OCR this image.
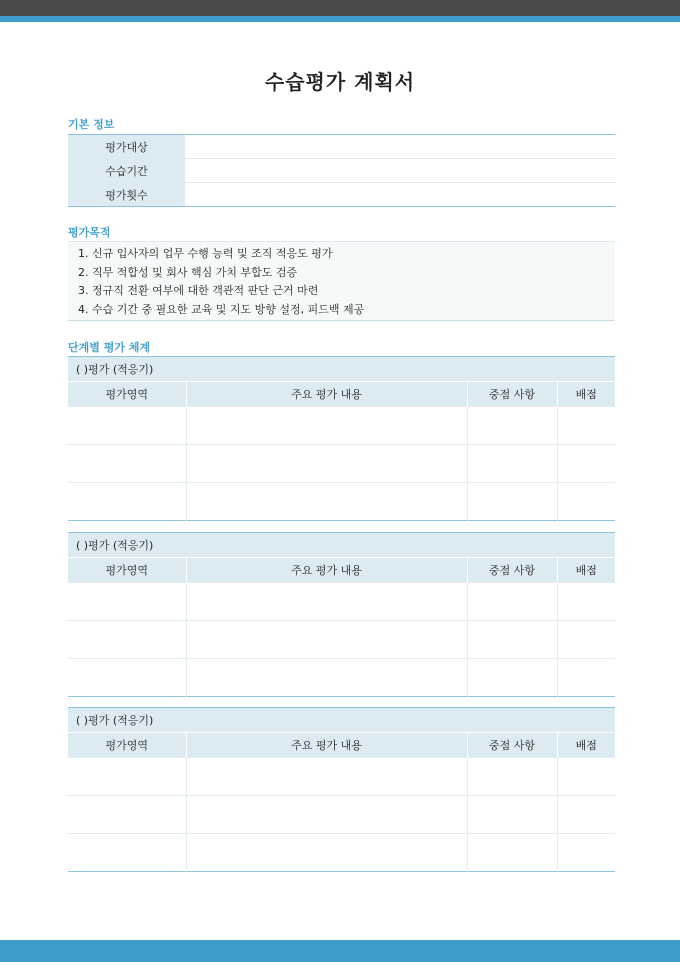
수습평가 계획서
기본 정보
평가대상	
수습기간	
평가횟수	
평가목적
1. 신규 입사자의 업무 수행 능력 및 조직 적응도 평가
2. 직무 적합성 및 회사 핵심 가치 부합도 검증
3. 정규직 전환 여부에 대한 객관적 판단 근거 마련
4. 수습 기간 중 필요한 교육 및 지도 방향 설정, 피드백 제공
단계별 평가 체계
( )평가 (적응기)			
평가영역	주요 평가 내용	중점 사항	배점

( )평가 (적응기)			
평가영역	주요 평가 내용	중점 사항	배점

( )평가 (적응기)			
평가영역	주요 평가 내용	중점 사항	배점
